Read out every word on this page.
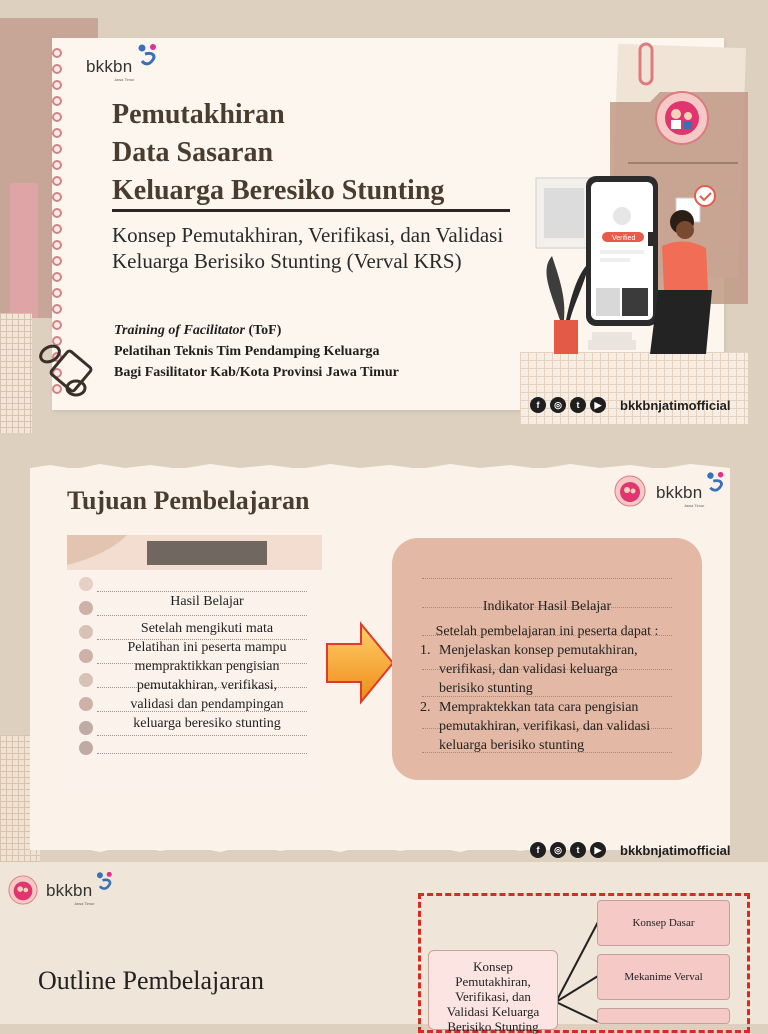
bkkbn
Jawa Timur
Pemutakhiran
Data Sasaran
Keluarga Beresiko Stunting
Konsep Pemutakhiran, Verifikasi, dan Validasi Keluarga Berisiko Stunting (Verval KRS)
Training of Facilitator (ToF)
Pelatihan Teknis Tim Pendamping Keluarga
Bagi Fasilitator Kab/Kota Provinsi Jawa Timur
Verified
f	◎	t	▶	bkkbnjatimofficial
Tujuan Pembelajaran	bkkbn
Jawa Timur
Hasil Belajar
Setelah mengikuti mata
Pelatihan ini peserta mampu
mempraktikkan pengisian
pemutakhiran, verifikasi,
validasi dan pendampingan
keluarga beresiko stunting
Indikator Hasil Belajar
Setelah pembelajaran ini peserta dapat :
1. Menjelaskan konsep pemutakhiran,
verifikasi, dan validasi keluarga
berisiko stunting
2. Mempraktekkan tata cara pengisian
pemutakhiran, verifikasi, dan validasi
keluarga berisiko stunting
f	◎	t	▶	bkkbnjatimofficial
bkkbn
Jawa Timur
Outline Pembelajaran	Konsep
Pemutakhiran,
Verifikasi, dan
Validasi Keluarga
Berisiko Stunting
Konsep Dasar
Mekanime Verval
